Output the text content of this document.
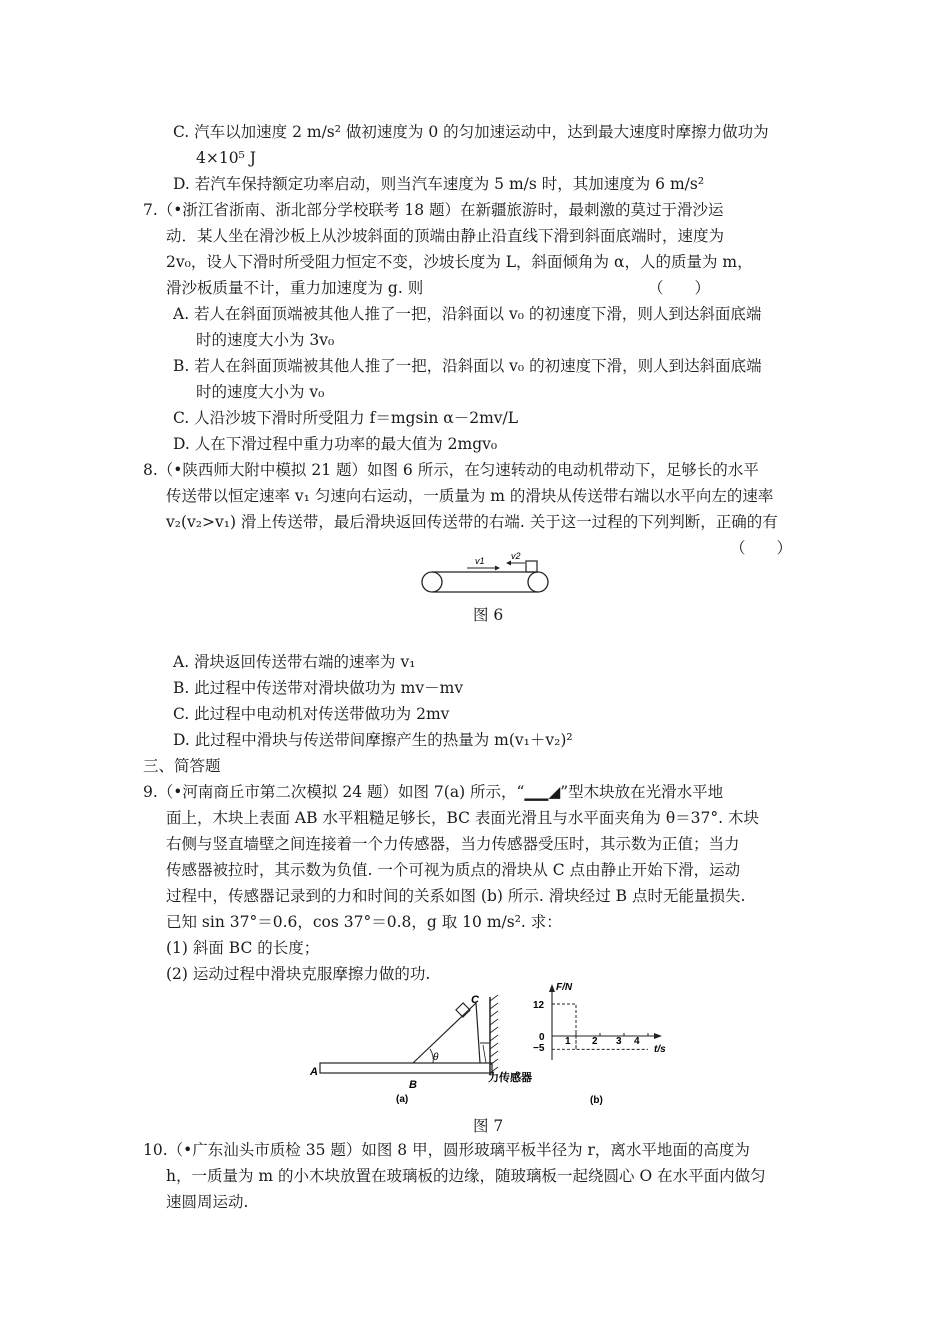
C. 汽车以加速度 2 m/s² 做初速度为 0 的匀加速运动中，达到最大速度时摩擦力做功为
4×10⁵ J
D. 若汽车保持额定功率启动，则当汽车速度为 5 m/s 时，其加速度为 6 m/s²
7.（•浙江省浙南、浙北部分学校联考 18 题）在新疆旅游时，最刺激的莫过于滑沙运
动．某人坐在滑沙板上从沙坡斜面的顶端由静止沿直线下滑到斜面底端时，速度为
2v₀，设人下滑时所受阻力恒定不变，沙坡长度为 L，斜面倾角为 α，人的质量为 m，
滑沙板质量不计，重力加速度为 g. 则　　　　　　　　　　　　　　　（　　）
A. 若人在斜面顶端被其他人推了一把，沿斜面以 v₀ 的初速度下滑，则人到达斜面底端
时的速度大小为 3v₀
B. 若人在斜面顶端被其他人推了一把，沿斜面以 v₀ 的初速度下滑，则人到达斜面底端
时的速度大小为 v₀
C. 人沿沙坡下滑时所受阻力 f＝mgsin α－2mv/L
D. 人在下滑过程中重力功率的最大值为 2mgv₀
8.（•陕西师大附中模拟 21 题）如图 6 所示，在匀速转动的电动机带动下，足够长的水平
传送带以恒定速率 v₁ 匀速向右运动，一质量为 m 的滑块从传送带右端以水平向左的速率
v₂(v₂>v₁) 滑上传送带，最后滑块返回传送带的右端. 关于这一过程的下列判断，正确的有
（　　）
v1	v2
图 6
A. 滑块返回传送带右端的速率为 v₁
B. 此过程中传送带对滑块做功为 mv－mv
C. 此过程中电动机对传送带做功为 2mv
D. 此过程中滑块与传送带间摩擦产生的热量为 m(v₁＋v₂)²
三、简答题
9.（•河南商丘市第二次模拟 24 题）如图 7(a) 所示，“▁▁◢”型木块放在光滑水平地
面上，木块上表面 AB 水平粗糙足够长，BC 表面光滑且与水平面夹角为 θ＝37°. 木块
右侧与竖直墙壁之间连接着一个力传感器，当力传感器受压时，其示数为正值；当力
传感器被拉时，其示数为负值. 一个可视为质点的滑块从 C 点由静止开始下滑，运动
过程中，传感器记录到的力和时间的关系如图 (b) 所示. 滑块经过 B 点时无能量损失.
已知 sin 37°＝0.6，cos 37°＝0.8，g 取 10 m/s². 求：
(1) 斜面 BC 的长度；
(2) 运动过程中滑块克服摩擦力做的功.
A
B
C
θ
力传感器
(a)
F/N
t/s
12
0
−5
1 2 3 4
(b)
图 7
10.（•广东汕头市质检 35 题）如图 8 甲，圆形玻璃平板半径为 r，离水平地面的高度为
h，一质量为 m 的小木块放置在玻璃板的边缘，随玻璃板一起绕圆心 O 在水平面内做匀
速圆周运动.
